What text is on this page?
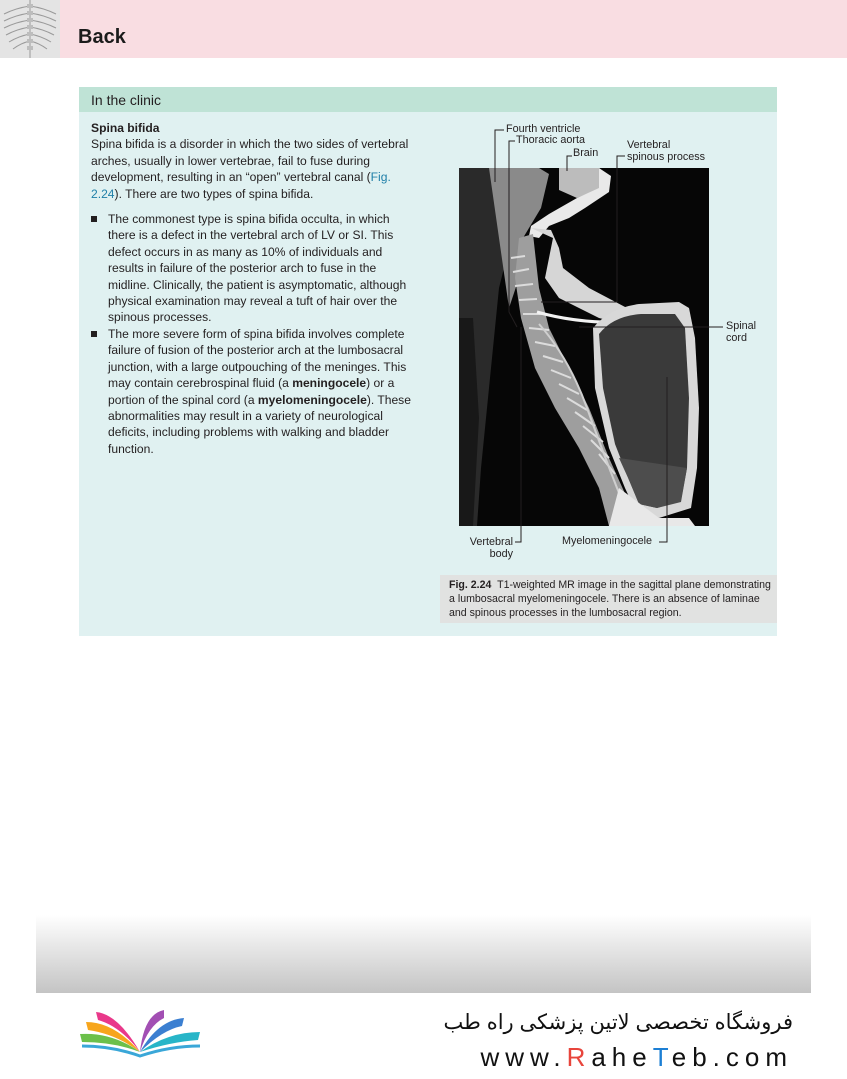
Back
In the clinic

Spina bifida

Spina bifida is a disorder in which the two sides of vertebral arches, usually in lower vertebrae, fail to fuse during development, resulting in an “open” vertebral canal (Fig. 2.24). There are two types of spina bifida.

The commonest type is spina bifida occulta, in which there is a defect in the vertebral arch of LV or SI. This defect occurs in as many as 10% of individuals and results in failure of the posterior arch to fuse in the midline. Clinically, the patient is asymptomatic, although physical examination may reveal a tuft of hair over the spinous processes.
The more severe form of spina bifida involves complete failure of fusion of the posterior arch at the lumbosacral junction, with a large outpouching of the meninges. This may contain cerebrospinal fluid (a meningocele) or a portion of the spinal cord (a myelomeningocele). These abnormalities may result in a variety of neurological deficits, including problems with walking and bladder function.
Fourth ventricle
Thoracic aorta
Brain
Vertebral
spinous process
Spinal
cord
Vertebral
body
Myelomeningocele
Fig. 2.24 T1-weighted MR image in the sagittal plane demonstrating a lumbosacral myelomeningocele. There is an absence of laminae and spinous processes in the lumbosacral region.
فروشگاه تخصصی لاتین پزشکی راه طب
www.RaheTeb.com
